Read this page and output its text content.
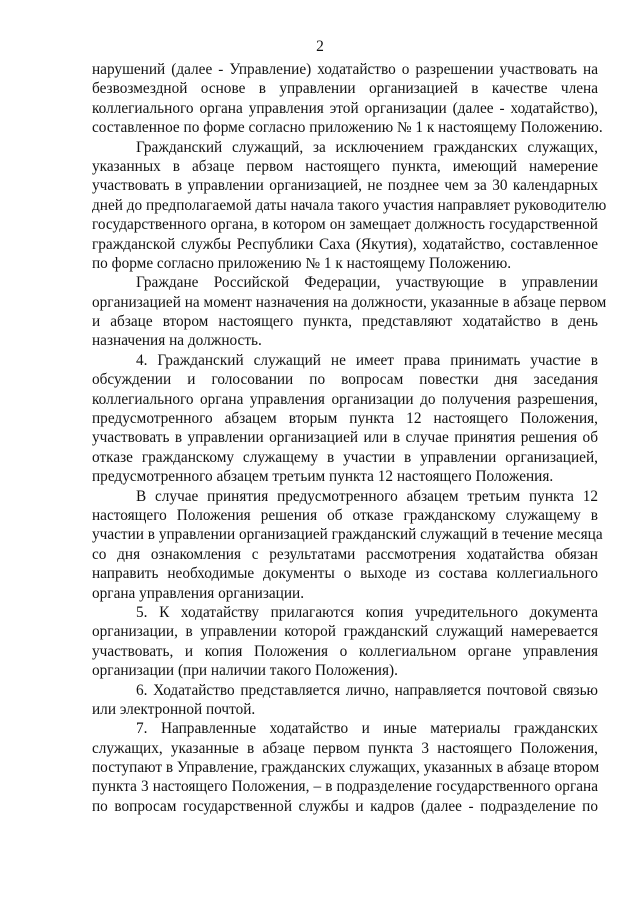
2
нарушений (далее - Управление) ходатайство о разрешении участвовать на
безвозмездной основе в управлении организацией в качестве члена
коллегиального органа управления этой организации (далее - ходатайство),
составленное по форме согласно приложению № 1 к настоящему Положению.
Гражданский служащий, за исключением гражданских служащих,
указанных в абзаце первом настоящего пункта, имеющий намерение
участвовать в управлении организацией, не позднее чем за 30 календарных
дней до предполагаемой даты начала такого участия направляет руководителю
государственного органа, в котором он замещает должность государственной
гражданской службы Республики Саха (Якутия), ходатайство, составленное
по форме согласно приложению № 1 к настоящему Положению.
Граждане Российской Федерации, участвующие в управлении
организацией на момент назначения на должности, указанные в абзаце первом
и абзаце втором настоящего пункта, представляют ходатайство в день
назначения на должность.
4. Гражданский служащий не имеет права принимать участие в
обсуждении и голосовании по вопросам повестки дня заседания
коллегиального органа управления организации до получения разрешения,
предусмотренного абзацем вторым пункта 12 настоящего Положения,
участвовать в управлении организацией или в случае принятия решения об
отказе гражданскому служащему в участии в управлении организацией,
предусмотренного абзацем третьим пункта 12 настоящего Положения.
В случае принятия предусмотренного абзацем третьим пункта 12
настоящего Положения решения об отказе гражданскому служащему в
участии в управлении организацией гражданский служащий в течение месяца
со дня ознакомления с результатами рассмотрения ходатайства обязан
направить необходимые документы о выходе из состава коллегиального
органа управления организации.
5. К ходатайству прилагаются копия учредительного документа
организации, в управлении которой гражданский служащий намеревается
участвовать, и копия Положения о коллегиальном органе управления
организации (при наличии такого Положения).
6. Ходатайство представляется лично, направляется почтовой связью
или электронной почтой.
7. Направленные ходатайство и иные материалы гражданских
служащих, указанные в абзаце первом пункта 3 настоящего Положения,
поступают в Управление, гражданских служащих, указанных в абзаце втором
пункта 3 настоящего Положения, – в подразделение государственного органа
по вопросам государственной службы и кадров (далее - подразделение по
